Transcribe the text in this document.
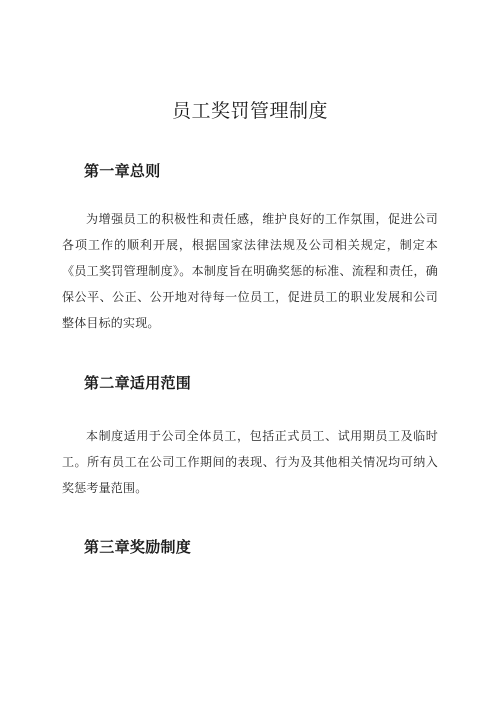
员工奖罚管理制度
第一章总则
为增强员工的积极性和责任感，维护良好的工作氛围，促进公司各项工作的顺利开展，根据国家法律法规及公司相关规定，制定本《员工奖罚管理制度》。本制度旨在明确奖惩的标准、流程和责任，确保公平、公正、公开地对待每一位员工，促进员工的职业发展和公司整体目标的实现。
第二章适用范围
本制度适用于公司全体员工，包括正式员工、试用期员工及临时工。所有员工在公司工作期间的表现、行为及其他相关情况均可纳入奖惩考量范围。
第三章奖励制度
